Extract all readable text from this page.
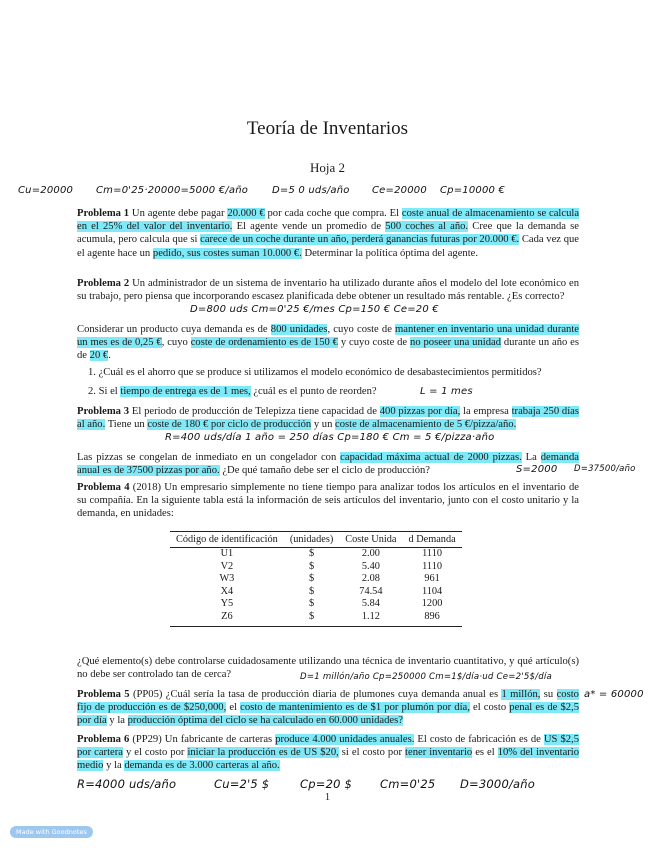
Teoría de Inventarios
Hoja 2
Cu=20000 Cm=0'25·20000=5000 €/año D=5 0 uds/año Ce=20000 Cp=10000 €
Problema 1 Un agente debe pagar 20.000 € por cada coche que compra. El coste anual de almacenamiento se calcula en el 25% del valor del inventario. El agente vende un promedio de 500 coches al año. Cree que la demanda se acumula, pero calcula que si carece de un coche durante un año, perderá ganancias futuras por 20.000 €. Cada vez que el agente hace un pedido, sus costes suman 10.000 €. Determinar la política óptima del agente.
Problema 2 Un administrador de un sistema de inventario ha utilizado durante años el modelo del lote económico en su trabajo, pero piensa que incorporando escasez planificada debe obtener un resultado más rentable. ¿Es correcto?
D=800 uds Cm=0'25 €/mes Cp=150 € Ce=20 €
Considerar un producto cuya demanda es de 800 unidades, cuyo coste de mantener en inventario una unidad durante un mes es de 0,25 €, cuyo coste de ordenamiento es de 150 € y cuyo coste de no poseer una unidad durante un año es de 20 €.
1. ¿Cuál es el ahorro que se produce si utilizamos el modelo económico de desabastecimientos permitidos?
2. Si el tiempo de entrega es de 1 mes, ¿cuál es el punto de reorden?	L = 1 mes
Problema 3 El periodo de producción de Telepizza tiene capacidad de 400 pizzas por día, la empresa trabaja 250 días al año. Tiene un coste de 180 € por ciclo de producción y un coste de almacenamiento de 5 €/pizza/año.
R=400 uds/día 1 año = 250 días Cp=180 € Cm = 5 €/pizza·año
Las pizzas se congelan de inmediato en un congelador con capacidad máxima actual de 2000 pizzas. La demanda anual es de 37500 pizzas por año. ¿De qué tamaño debe ser el ciclo de producción?	S=2000 D=37500/año
Problema 4 (2018) Un empresario simplemente no tiene tiempo para analizar todos los artículos en el inventario de su compañía. En la siguiente tabla está la información de seis artículos del inventario, junto con el costo unitario y la demanda, en unidades:
Código de identificación	(unidades)	Coste Unida	d Demanda
U1	$	2.00	1110
V2	$	5.40	1110
W3	$	2.08	961
X4	$	74.54	1104
Y5	$	5.84	1200
Z6	$	1.12	896
¿Qué elemento(s) debe controlarse cuidadosamente utilizando una técnica de inventario cuantitativo, y qué artículo(s) no debe ser controlado tan de cerca?	D=1 millón/año Cp=250000 Cm=1$/día·ud Ce=2'5$/día
Problema 5 (PP05) ¿Cuál sería la tasa de producción diaria de plumones cuya demanda anual es 1 millón, su costo fijo de producción es de $250,000, el costo de mantenimiento es de $1 por plumón por día, el costo penal es de $2,5 por día y la producción óptima del ciclo se ha calculado en 60.000 unidades?
a* = 60000
Problema 6 (PP29) Un fabricante de carteras produce 4.000 unidades anuales. El costo de fabricación es de US $2,5 por cartera y el costo por iniciar la producción es de US $20, si el costo por tener inventario es el 10% del inventario medio y la demanda es de 3.000 carteras al año.
R=4000 uds/año	Cu=2'5 $	Cp=20 $ Cm=0'25 D=3000/año
1
Made with Goodnotes
